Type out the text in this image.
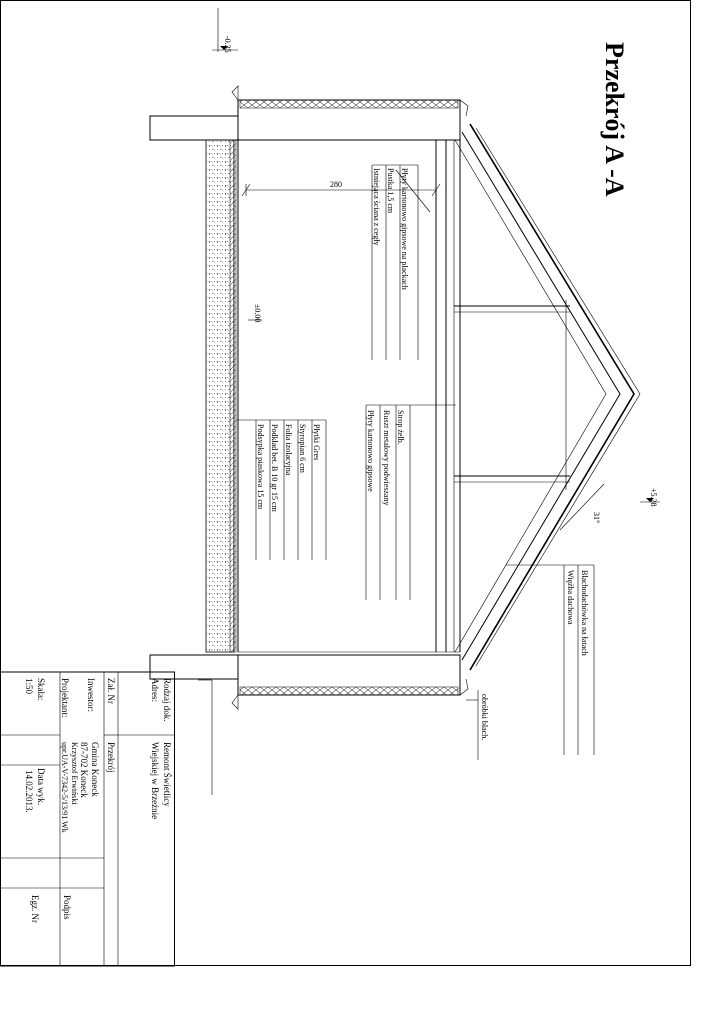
Przekrój A -A
-0.35
±0.00
+5.28
31°
280	Płyty kartonowo gipsowe na plackach
Pustka 1,5 cm
Istniejąca ściana z cegły
Strop żelb.
Ruszt metalowy podwieszany
Płyty kartonowo gipsowe
Płytki Gres
Styropian 6 cm
Folia izolacyjna
Podkład bet. B 10 gr 15 cm
Podsypka piaskowa 15 cm
Blachodachówka na łatach
Więźba dachowa
obróbki blach.
Rodzaj dok.
Adres:
Remont Świetlicy
Wiejskiej w Brzeźnie
Zał. Nr
Przekrój
Inwestor:
Gmina Koneck
87-702 Koneck
Projektant:
Krzysztof Erwiński
upr.UA-V-7342-5/13/91 Wk
Podpis
Skala:
1:50
Data wyk.
14.02.2013.
Egz. Nr
